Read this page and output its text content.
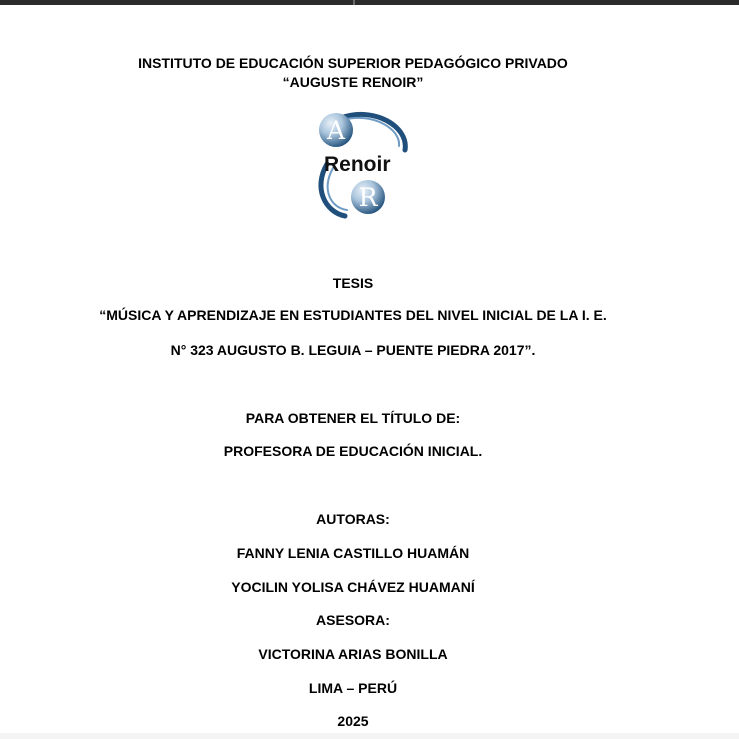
INSTITUTO DE EDUCACIÓN SUPERIOR PEDAGÓGICO PRIVADO
“AUGUSTE RENOIR”
A
R
Renoir
TESIS
“MÚSICA Y APRENDIZAJE EN ESTUDIANTES DEL NIVEL INICIAL DE LA I. E.
N° 323 AUGUSTO B. LEGUIA – PUENTE PIEDRA 2017”.
PARA OBTENER EL TÍTULO DE:
PROFESORA DE EDUCACIÓN INICIAL.
AUTORAS:
FANNY LENIA CASTILLO HUAMÁN
YOCILIN YOLISA CHÁVEZ HUAMANÍ
ASESORA:
VICTORINA ARIAS BONILLA
LIMA – PERÚ
2025
